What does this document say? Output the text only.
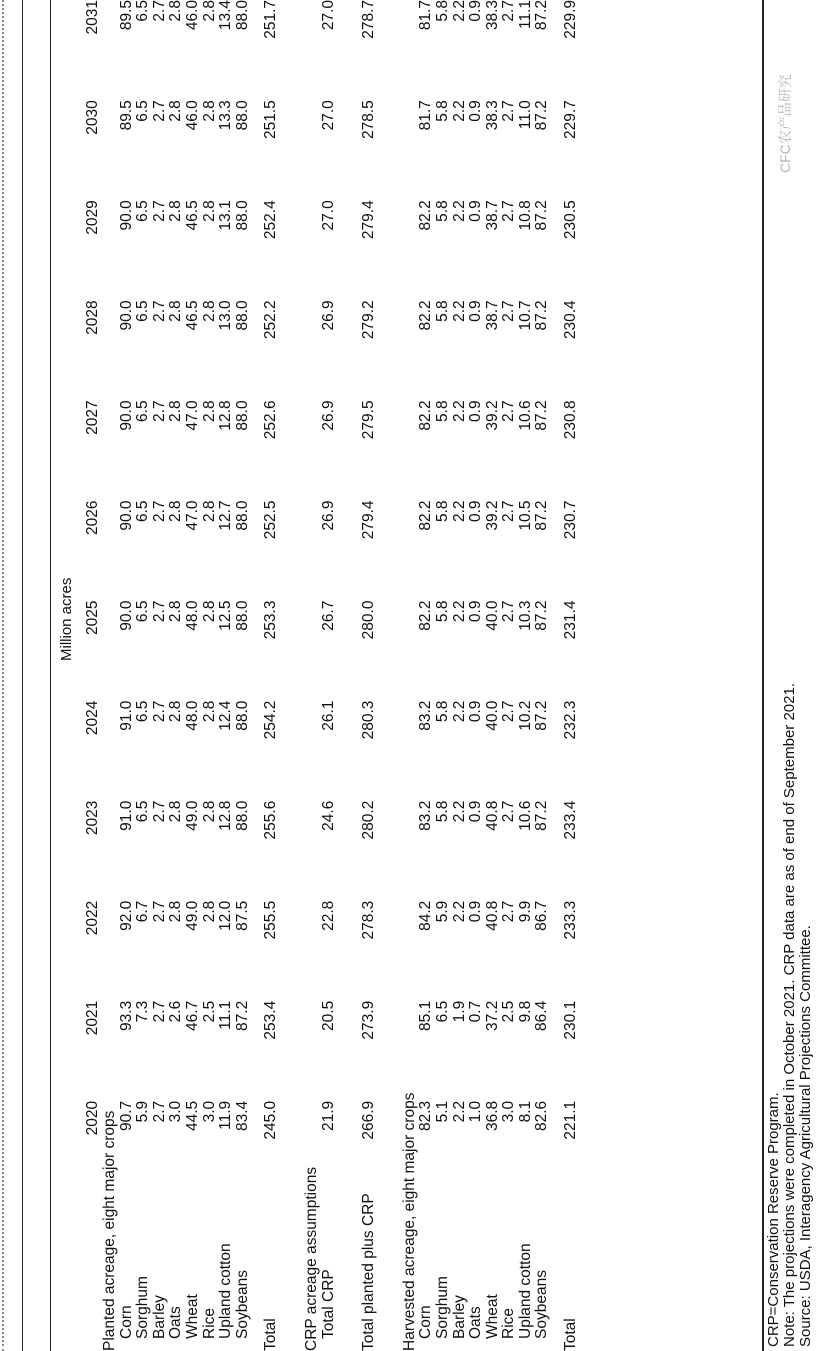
Million acres
	2020	2021	2022	2023	2024	2025	2026	2027	2028	2029	2030	2031
Planted acreage, eight major crops												
Corn	90.7	93.3	92.0	91.0	91.0	90.0	90.0	90.0	90.0	90.0	89.5	89.5
Sorghum	5.9	7.3	6.7	6.5	6.5	6.5	6.5	6.5	6.5	6.5	6.5	6.5
Barley	2.7	2.7	2.7	2.7	2.7	2.7	2.7	2.7	2.7	2.7	2.7	2.7
Oats	3.0	2.6	2.8	2.8	2.8	2.8	2.8	2.8	2.8	2.8	2.8	2.8
Wheat	44.5	46.7	49.0	49.0	48.0	48.0	47.0	47.0	46.5	46.5	46.0	46.0
Rice	3.0	2.5	2.8	2.8	2.8	2.8	2.8	2.8	2.8	2.8	2.8	2.8
Upland cotton	11.9	11.1	12.0	12.8	12.4	12.5	12.7	12.8	13.0	13.1	13.3	13.4
Soybeans	83.4	87.2	87.5	88.0	88.0	88.0	88.0	88.0	88.0	88.0	88.0	88.0

Total	245.0	253.4	255.5	255.6	254.2	253.3	252.5	252.6	252.2	252.4	251.5	251.7

CRP acreage assumptions												
Total CRP	21.9	20.5	22.8	24.6	26.1	26.7	26.9	26.9	26.9	27.0	27.0	27.0

Total planted plus CRP	266.9	273.9	278.3	280.2	280.3	280.0	279.4	279.5	279.2	279.4	278.5	278.7

Harvested acreage, eight major crops												
Corn	82.3	85.1	84.2	83.2	83.2	82.2	82.2	82.2	82.2	82.2	81.7	81.7
Sorghum	5.1	6.5	5.9	5.8	5.8	5.8	5.8	5.8	5.8	5.8	5.8	5.8
Barley	2.2	1.9	2.2	2.2	2.2	2.2	2.2	2.2	2.2	2.2	2.2	2.2
Oats	1.0	0.7	0.9	0.9	0.9	0.9	0.9	0.9	0.9	0.9	0.9	0.9
Wheat	36.8	37.2	40.8	40.8	40.0	40.0	39.2	39.2	38.7	38.7	38.3	38.3
Rice	3.0	2.5	2.7	2.7	2.7	2.7	2.7	2.7	2.7	2.7	2.7	2.7
Upland cotton	8.1	9.8	9.9	10.6	10.2	10.3	10.5	10.6	10.7	10.8	11.0	11.1
Soybeans	82.6	86.4	86.7	87.2	87.2	87.2	87.2	87.2	87.2	87.2	87.2	87.2

Total	221.1	230.1	233.3	233.4	232.3	231.4	230.7	230.8	230.4	230.5	229.7	229.9
CRP=Conservation Reserve Program. Note: The projections were completed in October 2021. CRP data are as of end of September 2021. Source: USDA, Interagency Agricultural Projections Committee.
CFC农产品研究
